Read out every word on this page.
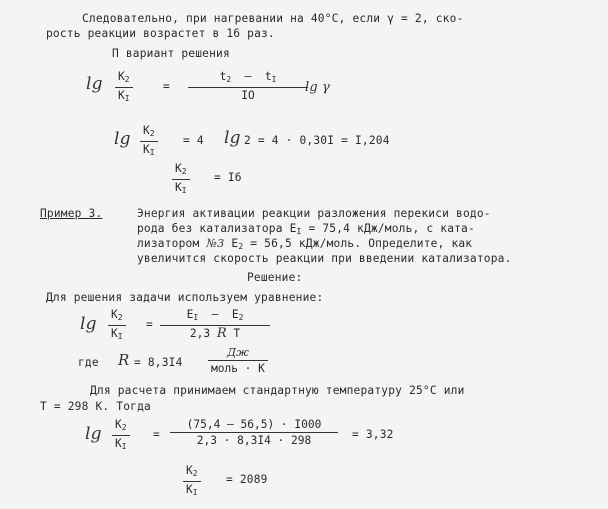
Следовательно, при нагревании на 40°С, если γ = 2, ско-
рость реакции возрастет в 16 раз.
П вариант решения
$\lg K_2$
$K_I$
=
$t_2 - t_I$
IO
lg γ
$\lg K_2$
$K_I$
= 4 lg 2 = 4 · 0,30I = I,204
$K_2$
$K_I$
= I6
Пример 3.	Энергия активации реакции разложения перекиси водо-
рода без катализатора $E_I = 75,4$ кДж/моль, с ката-
лизатором №3 $E_2 = 56,5$ кДж/моль. Определите, как
увеличится скорость реакции при введении катализатора.
Решение:
Для решения задачи используем уравнение:
$\lg K_2$
$K_I$
=
$E_I - E_2$
2,3 R T
где R = 8,3I4
Дж
моль · К
Для расчета принимаем стандартную температуру 25°С или
Т = 298 К. Тогда
$\lg K_2$
$K_I$
=
(75,4 – 56,5) · I000
2,3 · 8,3I4 · 298	= 3,32
$K_2$
$K_I$
= 2089
